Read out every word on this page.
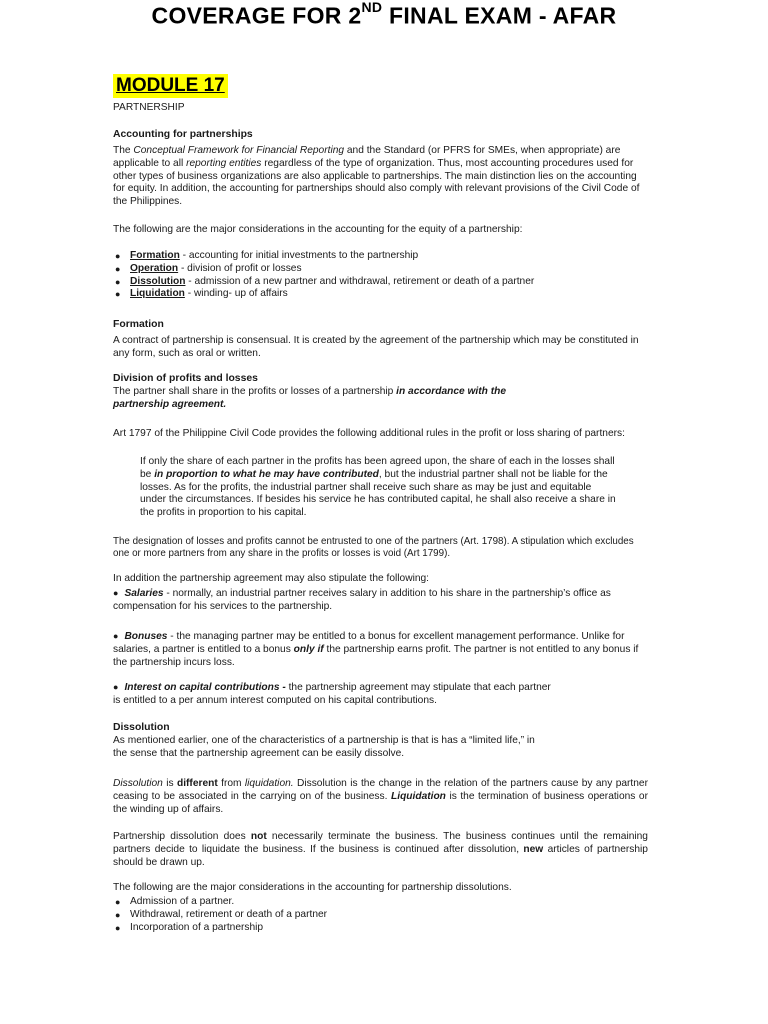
COVERAGE FOR 2ND FINAL EXAM - AFAR
MODULE 17
PARTNERSHIP
Accounting for partnerships
The Conceptual Framework for Financial Reporting and the Standard (or PFRS for SMEs, when appropriate) are applicable to all reporting entities regardless of the type of organization. Thus, most accounting procedures used for other types of business organizations are also applicable to partnerships. The main distinction lies on the accounting for equity. In addition, the accounting for partnerships should also comply with relevant provisions of the Civil Code of the Philippines.
The following are the major considerations in the accounting for the equity of a partnership:
● Formation - accounting for initial investments to the partnership
● Operation - division of profit or losses
● Dissolution - admission of a new partner and withdrawal, retirement or death of a partner
● Liquidation - winding- up of affairs
Formation
A contract of partnership is consensual. It is created by the agreement of the partnership which may be constituted in any form, such as oral or written.
Division of profits and losses
The partner shall share in the profits or losses of a partnership in accordance with the partnership agreement.
Art 1797 of the Philippine Civil Code provides the following additional rules in the profit or loss sharing of partners:
If only the share of each partner in the profits has been agreed upon, the share of each in the losses shall be in proportion to what he may have contributed, but the industrial partner shall not be liable for the losses. As for the profits, the industrial partner shall receive such share as may be just and equitable under the circumstances. If besides his service he has contributed capital, he shall also receive a share in the profits in proportion to his capital.
The designation of losses and profits cannot be entrusted to one of the partners (Art. 1798). A stipulation which excludes one or more partners from any share in the profits or losses is void (Art 1799).
In addition the partnership agreement may also stipulate the following:
● Salaries - normally, an industrial partner receives salary in addition to his share in the partnership’s office as compensation for his services to the partnership.
● Bonuses - the managing partner may be entitled to a bonus for excellent management performance. Unlike for salaries, a partner is entitled to a bonus only if the partnership earns profit. The partner is not entitled to any bonus if the partnership incurs loss.
● Interest on capital contributions - the partnership agreement may stipulate that each partner
is entitled to a per annum interest computed on his capital contributions.
Dissolution
As mentioned earlier, one of the characteristics of a partnership is that is has a “limited life,” in
the sense that the partnership agreement can be easily dissolve.
Dissolution is different from liquidation. Dissolution is the change in the relation of the partners cause by any partner ceasing to be associated in the carrying on of the business. Liquidation is the termination of business operations or the winding up of affairs.
Partnership dissolution does not necessarily terminate the business. The business continues until the remaining partners decide to liquidate the business. If the business is continued after dissolution, new articles of partnership should be drawn up.
The following are the major considerations in the accounting for partnership dissolutions.
● Admission of a partner.
● Withdrawal, retirement or death of a partner
● Incorporation of a partnership
